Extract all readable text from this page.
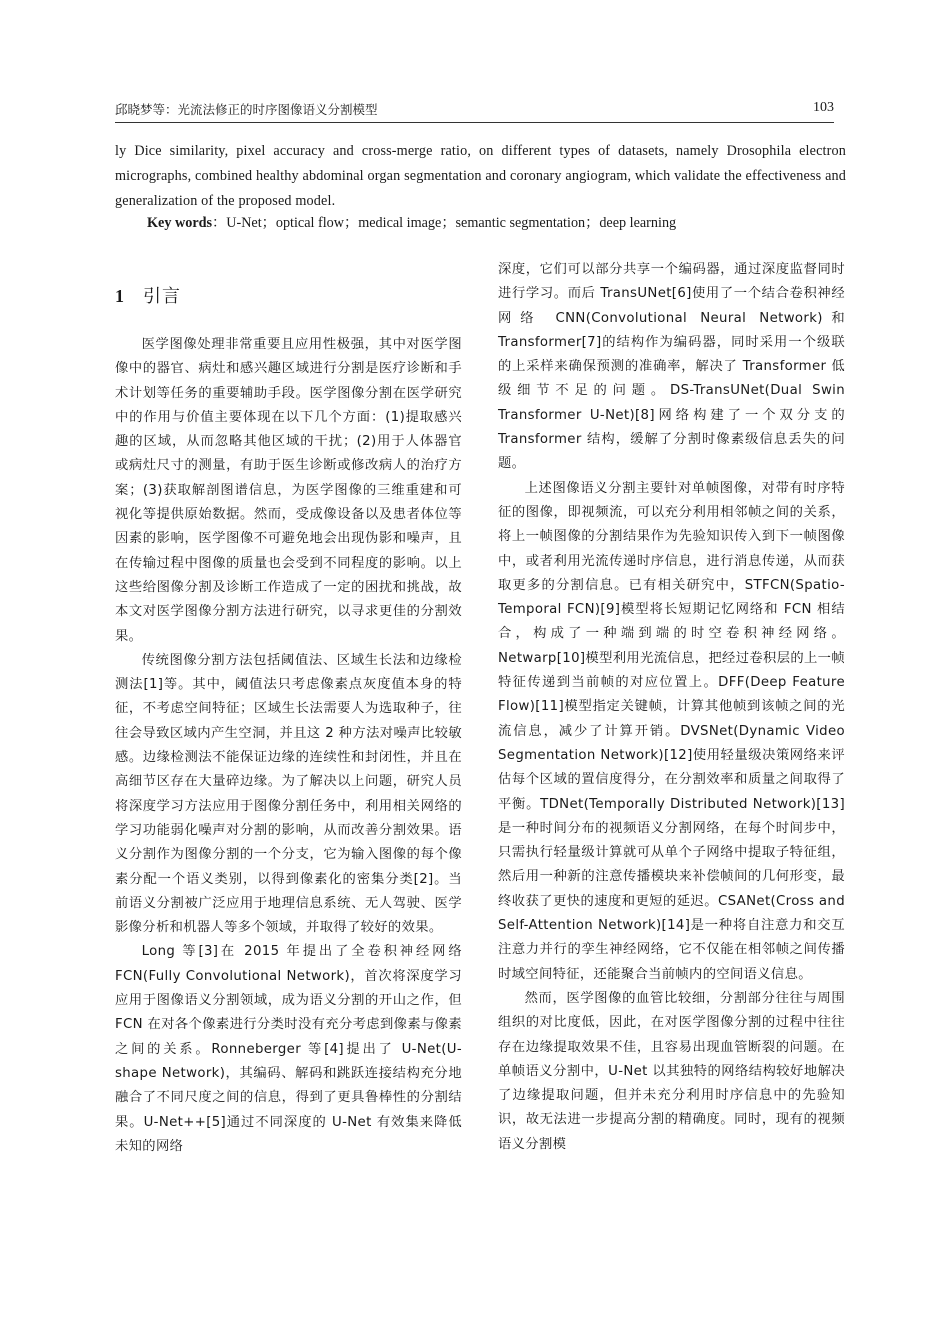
邱晓梦等：光流法修正的时序图像语义分割模型	103
ly Dice similarity, pixel accuracy and cross-merge ratio, on different types of datasets, namely Drosophila electron micrographs, combined healthy abdominal organ segmentation and coronary angiogram, which validate the effectiveness and generalization of the proposed model.
Key words：U-Net；optical flow；medical image；semantic segmentation；deep learning
1 引言

医学图像处理非常重要且应用性极强，其中对医学图像中的器官、病灶和感兴趣区域进行分割是医疗诊断和手术计划等任务的重要辅助手段。医学图像分割在医学研究中的作用与价值主要体现在以下几个方面：(1)提取感兴趣的区域，从而忽略其他区域的干扰；(2)用于人体器官或病灶尺寸的测量，有助于医生诊断或修改病人的治疗方案；(3)获取解剖图谱信息，为医学图像的三维重建和可视化等提供原始数据。然而，受成像设备以及患者体位等因素的影响，医学图像不可避免地会出现伪影和噪声，且在传输过程中图像的质量也会受到不同程度的影响。以上这些给图像分割及诊断工作造成了一定的困扰和挑战，故本文对医学图像分割方法进行研究，以寻求更佳的分割效果。

传统图像分割方法包括阈值法、区域生长法和边缘检测法[1]等。其中，阈值法只考虑像素点灰度值本身的特征，不考虑空间特征；区域生长法需要人为选取种子，往往会导致区域内产生空洞，并且这 2 种方法对噪声比较敏感。边缘检测法不能保证边缘的连续性和封闭性，并且在高细节区存在大量碎边缘。为了解决以上问题，研究人员将深度学习方法应用于图像分割任务中，利用相关网络的学习功能弱化噪声对分割的影响，从而改善分割效果。语义分割作为图像分割的一个分支，它为输入图像的每个像素分配一个语义类别，以得到像素化的密集分类[2]。当前语义分割被广泛应用于地理信息系统、无人驾驶、医学影像分析和机器人等多个领域，并取得了较好的效果。

Long 等[3]在 2015 年提出了全卷积神经网络 FCN(Fully Convolutional Network)，首次将深度学习应用于图像语义分割领域，成为语义分割的开山之作，但 FCN 在对各个像素进行分类时没有充分考虑到像素与像素之间的关系。Ronneberger 等[4]提出了 U-Net(U-shape Network)，其编码、解码和跳跃连接结构充分地融合了不同尺度之间的信息，得到了更具鲁棒性的分割结果。U-Net++[5]通过不同深度的 U-Net 有效集来降低未知的网络

深度，它们可以部分共享一个编码器，通过深度监督同时进行学习。而后 TransUNet[6]使用了一个结合卷积神经网络 CNN(Convolutional Neural Network)和 Transformer[7]的结构作为编码器，同时采用一个级联的上采样来确保预测的准确率，解决了 Transformer 低级细节不足的问题。DS-TransUNet(Dual Swin Transformer U-Net)[8]网络构建了一个双分支的 Transformer 结构，缓解了分割时像素级信息丢失的问题。

上述图像语义分割主要针对单帧图像，对带有时序特征的图像，即视频流，可以充分利用相邻帧之间的关系，将上一帧图像的分割结果作为先验知识传入到下一帧图像中，或者利用光流传递时序信息，进行消息传递，从而获取更多的分割信息。已有相关研究中，STFCN(Spatio-Temporal FCN)[9]模型将长短期记忆网络和 FCN 相结合，构成了一种端到端的时空卷积神经网络。Netwarp[10]模型利用光流信息，把经过卷积层的上一帧特征传递到当前帧的对应位置上。DFF(Deep Feature Flow)[11]模型指定关键帧，计算其他帧到该帧之间的光流信息，减少了计算开销。DVSNet(Dynamic Video Segmentation Network)[12]使用轻量级决策网络来评估每个区域的置信度得分，在分割效率和质量之间取得了平衡。TDNet(Temporally Distributed Network)[13]是一种时间分布的视频语义分割网络，在每个时间步中，只需执行轻量级计算就可从单个子网络中提取子特征组，然后用一种新的注意传播模块来补偿帧间的几何形变，最终收获了更快的速度和更短的延迟。CSANet(Cross and Self-Attention Network)[14]是一种将自注意力和交互注意力并行的孪生神经网络，它不仅能在相邻帧之间传播时域空间特征，还能聚合当前帧内的空间语义信息。

然而，医学图像的血管比较细，分割部分往往与周围组织的对比度低，因此，在对医学图像分割的过程中往往存在边缘提取效果不佳，且容易出现血管断裂的问题。在单帧语义分割中，U-Net 以其独特的网络结构较好地解决了边缘提取问题，但并未充分利用时序信息中的先验知识，故无法进一步提高分割的精确度。同时，现有的视频语义分割模
